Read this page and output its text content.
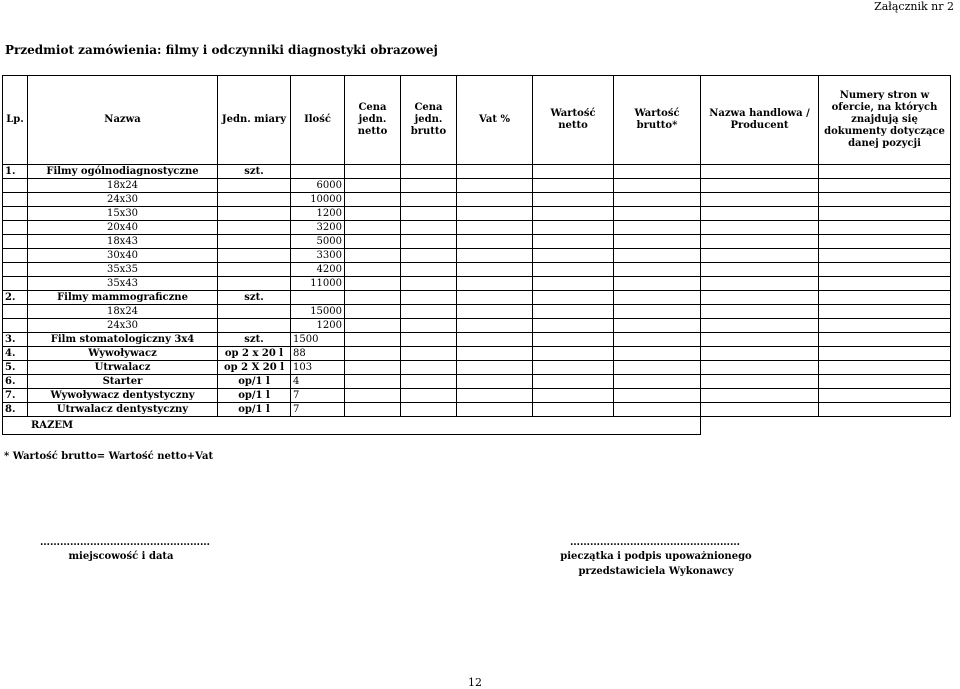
Załącznik nr 2
Przedmiot zamówienia: filmy i odczynniki diagnostyki obrazowej
Lp.	Nazwa	Jedn. miary	Ilość	Cena jedn. netto	Cena jedn. brutto	Vat %	Wartość netto	Wartość brutto*	Nazwa handlowa / Producent	Numery stron w ofercie, na których znajdują się dokumenty dotyczące danej pozycji
1.	Filmy ogólnodiagnostyczne	szt.								
	18x24		6000							
	24x30		10000							
	15x30		1200							
	20x40		3200							
	18x43		5000							
	30x40		3300							
	35x35		4200							
	35x43		11000							
2.	Filmy mammograficzne	szt.								
	18x24		15000							
	24x30		1200							
3.	Film stomatologiczny 3x4	szt.	1500							
4.	Wywoływacz	op 2 x 20 l	88							
5.	Utrwalacz	op 2 X 20 l	103							
6.	Starter	op/1 l	4							
7.	Wywoływacz dentystyczny	op/1 l	7							
8.	Utrwalacz dentystyczny	op/1 l	7							
RAZEM										
* Wartość brutto= Wartość netto+Vat
……………………………………………
miejscowość i data
……………………………………………
pieczątka i podpis upoważnionego
przedstawiciela Wykonawcy
12
